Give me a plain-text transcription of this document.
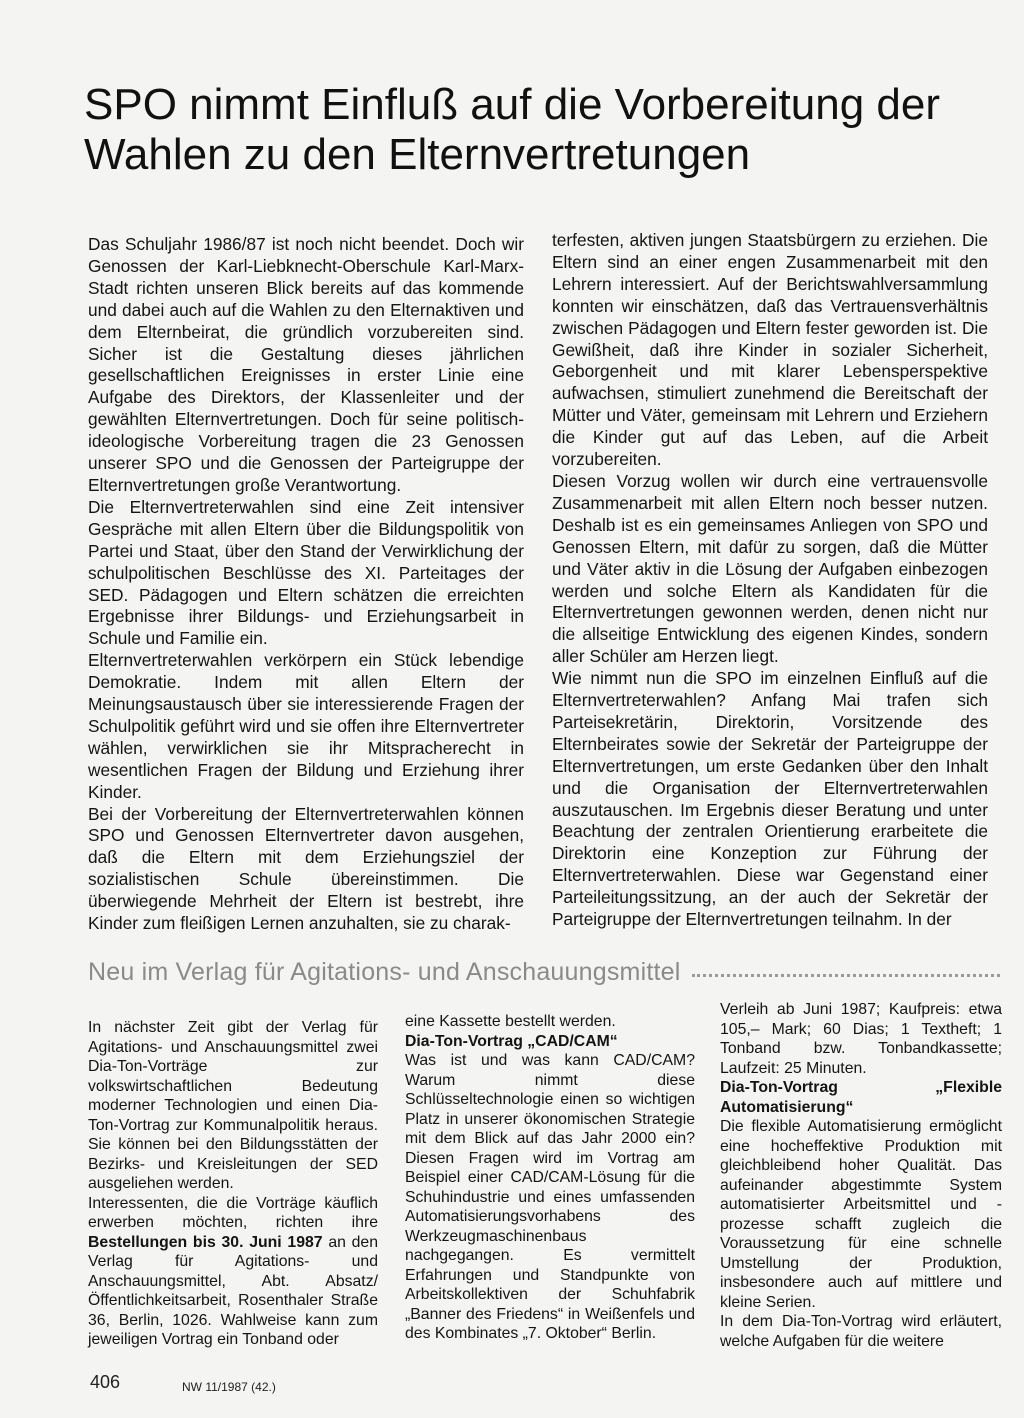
SPO nimmt Einfluß auf die Vorbereitung der Wahlen zu den Elternvertretungen

Das Schuljahr 1986/87 ist noch nicht beendet. Doch wir Genossen der Karl-Liebknecht-Oberschule Karl-Marx-Stadt richten unseren Blick bereits auf das kommende und dabei auch auf die Wahlen zu den Elternaktiven und dem Elternbeirat, die gründlich vorzubereiten sind. Sicher ist die Gestaltung dieses jährlichen gesellschaftlichen Ereignisses in erster Linie eine Aufgabe des Direktors, der Klassenleiter und der gewählten Elternvertretungen. Doch für seine politisch-ideologische Vorbereitung tragen die 23 Genossen unserer SPO und die Genossen der Parteigruppe der Elternvertretungen große Verantwortung.

Die Elternvertreterwahlen sind eine Zeit intensiver Gespräche mit allen Eltern über die Bildungspolitik von Partei und Staat, über den Stand der Verwirklichung der schulpolitischen Beschlüsse des XI. Parteitages der SED. Pädagogen und Eltern schätzen die erreichten Ergebnisse ihrer Bildungs- und Erziehungsarbeit in Schule und Familie ein.

Elternvertreterwahlen verkörpern ein Stück lebendige Demokratie. Indem mit allen Eltern der Meinungsaustausch über sie interessierende Fragen der Schulpolitik geführt wird und sie offen ihre Elternvertreter wählen, verwirklichen sie ihr Mitspracherecht in wesentlichen Fragen der Bildung und Erziehung ihrer Kinder.

Bei der Vorbereitung der Elternvertreterwahlen können SPO und Genossen Elternvertreter davon ausgehen, daß die Eltern mit dem Erziehungsziel der sozialistischen Schule übereinstimmen. Die überwiegende Mehrheit der Eltern ist bestrebt, ihre Kinder zum fleißigen Lernen anzuhalten, sie zu charak-

terfesten, aktiven jungen Staatsbürgern zu erziehen. Die Eltern sind an einer engen Zusammenarbeit mit den Lehrern interessiert. Auf der Berichtswahlversammlung konnten wir einschätzen, daß das Vertrauensverhältnis zwischen Pädagogen und Eltern fester geworden ist. Die Gewißheit, daß ihre Kinder in sozialer Sicherheit, Geborgenheit und mit klarer Lebensperspektive aufwachsen, stimuliert zunehmend die Bereitschaft der Mütter und Väter, gemeinsam mit Lehrern und Erziehern die Kinder gut auf das Leben, auf die Arbeit vorzubereiten.

Diesen Vorzug wollen wir durch eine vertrauensvolle Zusammenarbeit mit allen Eltern noch besser nutzen. Deshalb ist es ein gemeinsames Anliegen von SPO und Genossen Eltern, mit dafür zu sorgen, daß die Mütter und Väter aktiv in die Lösung der Aufgaben einbezogen werden und solche Eltern als Kandidaten für die Elternvertretungen gewonnen werden, denen nicht nur die allseitige Entwicklung des eigenen Kindes, sondern aller Schüler am Herzen liegt.

Wie nimmt nun die SPO im einzelnen Einfluß auf die Elternvertreterwahlen? Anfang Mai trafen sich Parteisekretärin, Direktorin, Vorsitzende des Elternbeirates sowie der Sekretär der Parteigruppe der Elternvertretungen, um erste Gedanken über den Inhalt und die Organisation der Elternvertreterwahlen auszutauschen. Im Ergebnis dieser Beratung und unter Beachtung der zentralen Orientierung erarbeitete die Direktorin eine Konzeption zur Führung der Elternvertreterwahlen. Diese war Gegenstand einer Parteileitungssitzung, an der auch der Sekretär der Parteigruppe der Elternvertretungen teilnahm. In der

Neu im Verlag für Agitations- und Anschauungsmittel

In nächster Zeit gibt der Verlag für Agitations- und Anschauungsmittel zwei Dia-Ton-Vorträge zur volkswirtschaftlichen Bedeutung moderner Technologien und einen Dia-Ton-Vortrag zur Kommunalpolitik heraus. Sie können bei den Bildungsstätten der Bezirks- und Kreisleitungen der SED ausgeliehen werden.

Interessenten, die die Vorträge käuflich erwerben möchten, richten ihre Bestellungen bis 30. Juni 1987 an den Verlag für Agitations- und Anschauungsmittel, Abt. Absatz/Öffentlichkeitsarbeit, Rosenthaler Straße 36, Berlin, 1026. Wahlweise kann zum jeweiligen Vortrag ein Tonband oder

eine Kassette bestellt werden.

Dia-Ton-Vortrag „CAD/CAM“

Was ist und was kann CAD/CAM? Warum nimmt diese Schlüsseltechnologie einen so wichtigen Platz in unserer ökonomischen Strategie mit dem Blick auf das Jahr 2000 ein? Diesen Fragen wird im Vortrag am Beispiel einer CAD/CAM-Lösung für die Schuhindustrie und eines umfassenden Automatisierungsvorhabens des Werkzeugmaschinenbaus nachgegangen. Es vermittelt Erfahrungen und Standpunkte von Arbeitskollektiven der Schuhfabrik „Banner des Friedens“ in Weißenfels und des Kombinates „7. Oktober“ Berlin.

Verleih ab Juni 1987; Kaufpreis: etwa 105,– Mark; 60 Dias; 1 Textheft; 1 Tonband bzw. Tonbandkassette; Laufzeit: 25 Minuten.

Dia-Ton-Vortrag „Flexible Automatisierung“

Die flexible Automatisierung ermöglicht eine hocheffektive Produktion mit gleichbleibend hoher Qualität. Das aufeinander abgestimmte System automatisierter Arbeitsmittel und -prozesse schafft zugleich die Voraussetzung für eine schnelle Umstellung der Produktion, insbesondere auch auf mittlere und kleine Serien.

In dem Dia-Ton-Vortrag wird erläutert, welche Aufgaben für die weitere

406	NW 11/1987 (42.)
